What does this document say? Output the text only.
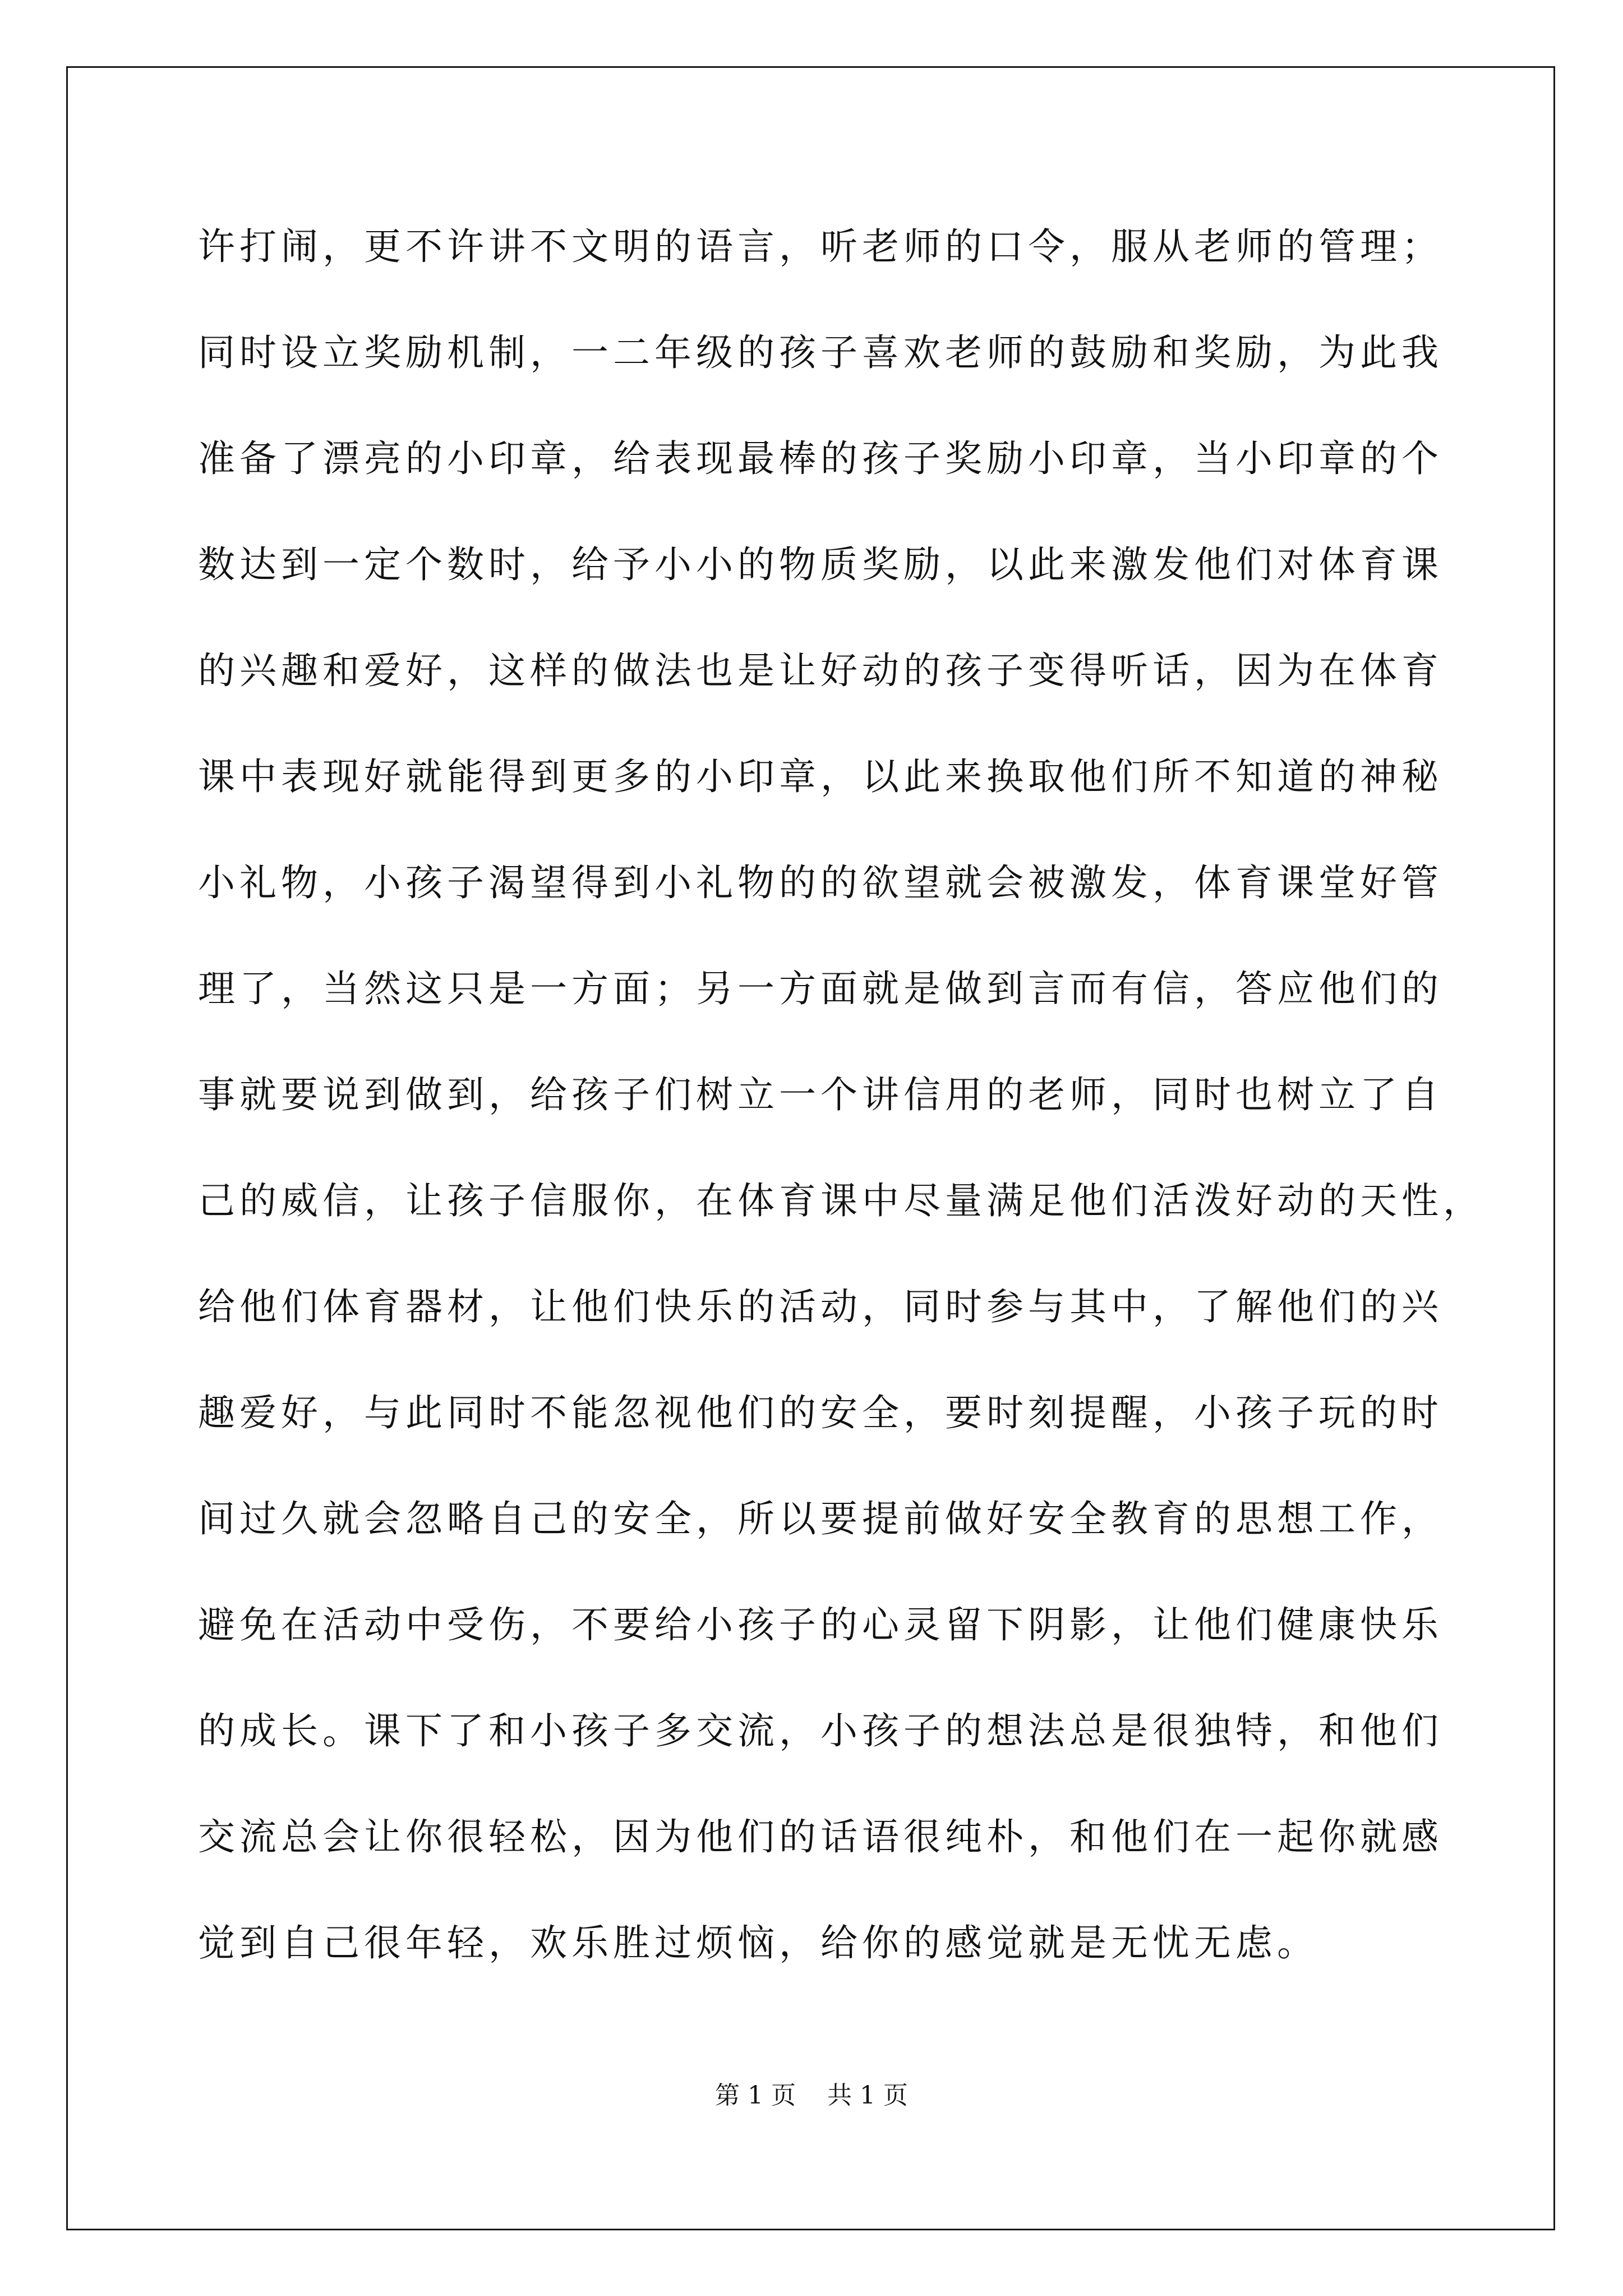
许打闹，更不许讲不文明的语言，听老师的口令，服从老师的管理；
同时设立奖励机制，一二年级的孩子喜欢老师的鼓励和奖励，为此我
准备了漂亮的小印章，给表现最棒的孩子奖励小印章，当小印章的个
数达到一定个数时，给予小小的物质奖励，以此来激发他们对体育课
的兴趣和爱好，这样的做法也是让好动的孩子变得听话，因为在体育
课中表现好就能得到更多的小印章，以此来换取他们所不知道的神秘
小礼物，小孩子渴望得到小礼物的的欲望就会被激发，体育课堂好管
理了，当然这只是一方面；另一方面就是做到言而有信，答应他们的
事就要说到做到，给孩子们树立一个讲信用的老师，同时也树立了自
己的威信，让孩子信服你，在体育课中尽量满足他们活泼好动的天性，
给他们体育器材，让他们快乐的活动，同时参与其中，了解他们的兴
趣爱好，与此同时不能忽视他们的安全，要时刻提醒，小孩子玩的时
间过久就会忽略自己的安全，所以要提前做好安全教育的思想工作，
避免在活动中受伤，不要给小孩子的心灵留下阴影，让他们健康快乐
的成长。课下了和小孩子多交流，小孩子的想法总是很独特，和他们
交流总会让你很轻松，因为他们的话语很纯朴，和他们在一起你就感
觉到自己很年轻，欢乐胜过烦恼，给你的感觉就是无忧无虑。
第 1 页    共 1 页
